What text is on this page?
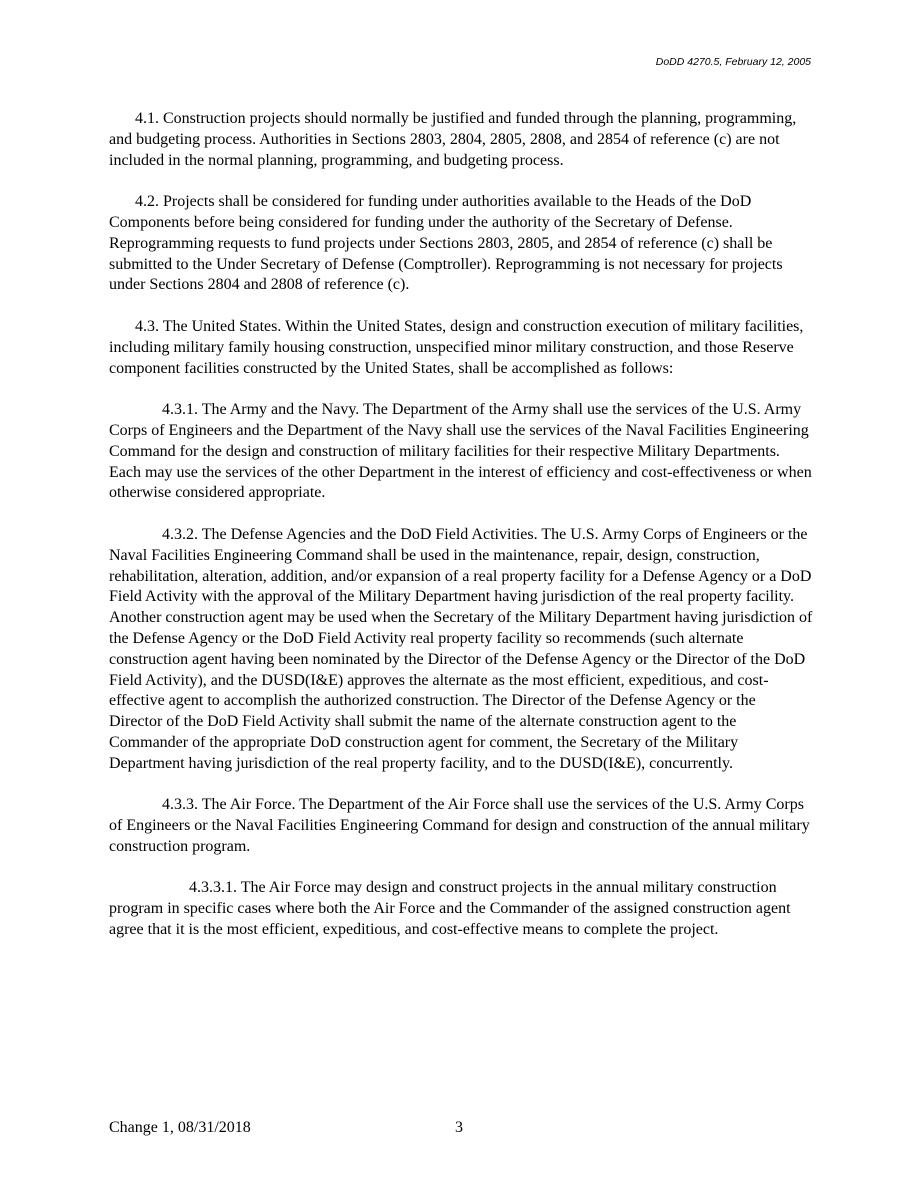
DoDD 4270.5, February 12, 2005

4.1. Construction projects should normally be justified and funded through the planning, programming, and budgeting process. Authorities in Sections 2803, 2804, 2805, 2808, and 2854 of reference (c) are not included in the normal planning, programming, and budgeting process.

4.2. Projects shall be considered for funding under authorities available to the Heads of the DoD Components before being considered for funding under the authority of the Secretary of Defense. Reprogramming requests to fund projects under Sections 2803, 2805, and 2854 of reference (c) shall be submitted to the Under Secretary of Defense (Comptroller). Reprogramming is not necessary for projects under Sections 2804 and 2808 of reference (c).

4.3. The United States. Within the United States, design and construction execution of military facilities, including military family housing construction, unspecified minor military construction, and those Reserve component facilities constructed by the United States, shall be accomplished as follows:

4.3.1. The Army and the Navy. The Department of the Army shall use the services of the U.S. Army Corps of Engineers and the Department of the Navy shall use the services of the Naval Facilities Engineering Command for the design and construction of military facilities for their respective Military Departments. Each may use the services of the other Department in the interest of efficiency and cost-effectiveness or when otherwise considered appropriate.

4.3.2. The Defense Agencies and the DoD Field Activities. The U.S. Army Corps of Engineers or the Naval Facilities Engineering Command shall be used in the maintenance, repair, design, construction, rehabilitation, alteration, addition, and/or expansion of a real property facility for a Defense Agency or a DoD Field Activity with the approval of the Military Department having jurisdiction of the real property facility. Another construction agent may be used when the Secretary of the Military Department having jurisdiction of the Defense Agency or the DoD Field Activity real property facility so recommends (such alternate construction agent having been nominated by the Director of the Defense Agency or the Director of the DoD Field Activity), and the DUSD(I&E) approves the alternate as the most efficient, expeditious, and cost-effective agent to accomplish the authorized construction. The Director of the Defense Agency or the Director of the DoD Field Activity shall submit the name of the alternate construction agent to the Commander of the appropriate DoD construction agent for comment, the Secretary of the Military Department having jurisdiction of the real property facility, and to the DUSD(I&E), concurrently.

4.3.3. The Air Force. The Department of the Air Force shall use the services of the U.S. Army Corps of Engineers or the Naval Facilities Engineering Command for design and construction of the annual military construction program.

4.3.3.1. The Air Force may design and construct projects in the annual military construction program in specific cases where both the Air Force and the Commander of the assigned construction agent agree that it is the most efficient, expeditious, and cost-effective means to complete the project.

Change 1, 08/31/2018	3
